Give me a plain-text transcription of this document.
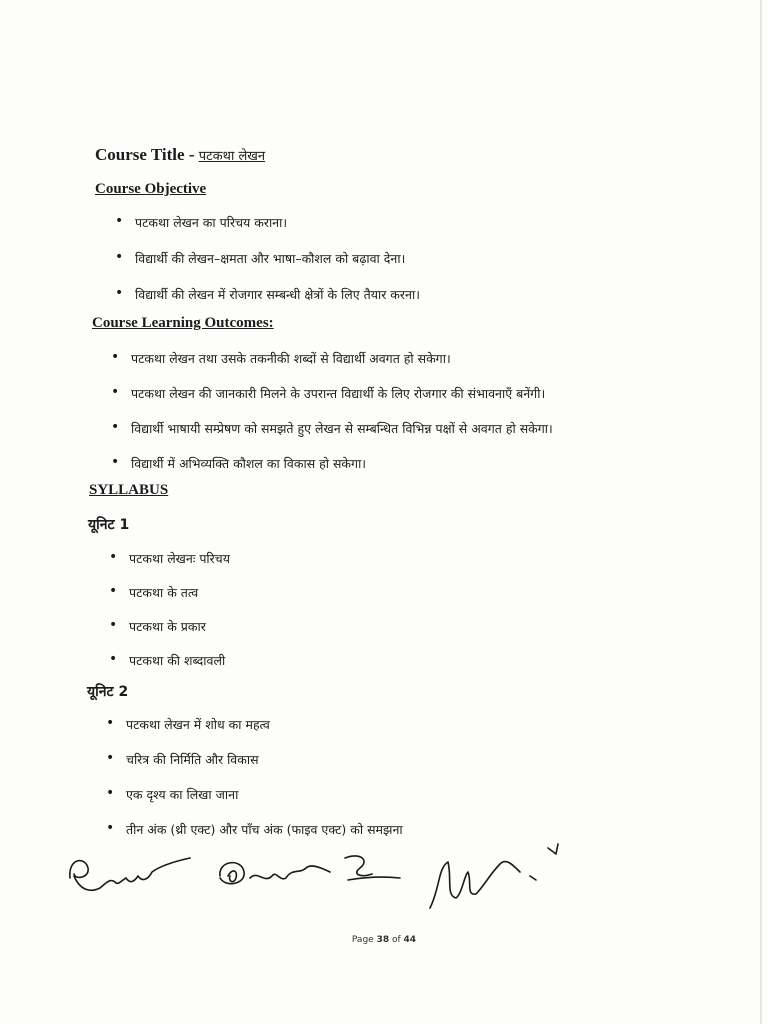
Course Title - पटकथा लेखन
Course Objective
• पटकथा लेखन का परिचय कराना।
• विद्यार्थी की लेखन–क्षमता और भाषा–कौशल को बढ़ावा देना।
• विद्यार्थी की लेखन में रोजगार सम्बन्धी क्षेत्रों के लिए तैयार करना।
Course Learning Outcomes:
• पटकथा लेखन तथा उसके तकनीकी शब्दों से विद्यार्थी अवगत हो सकेगा।
• पटकथा लेखन की जानकारी मिलने के उपरान्त विद्यार्थी के लिए रोजगार की संभावनाएँ बनेंगी।
• विद्यार्थी भाषायी सम्प्रेषण को समझते हुए लेखन से सम्बन्धित विभिन्न पक्षों से अवगत हो सकेगा।
• विद्यार्थी में अभिव्यक्ति कौशल का विकास हो सकेगा।
SYLLABUS
यूनिट 1
• पटकथा लेखनः परिचय
• पटकथा के तत्व
• पटकथा के प्रकार
• पटकथा की शब्दावली
यूनिट 2
• पटकथा लेखन में शोध का महत्व
• चरित्र की निर्मिति और विकास
• एक दृश्य का लिखा जाना
• तीन अंक (थ्री एक्ट) और पाँच अंक (फाइव एक्ट) को समझना
Page 38 of 44
